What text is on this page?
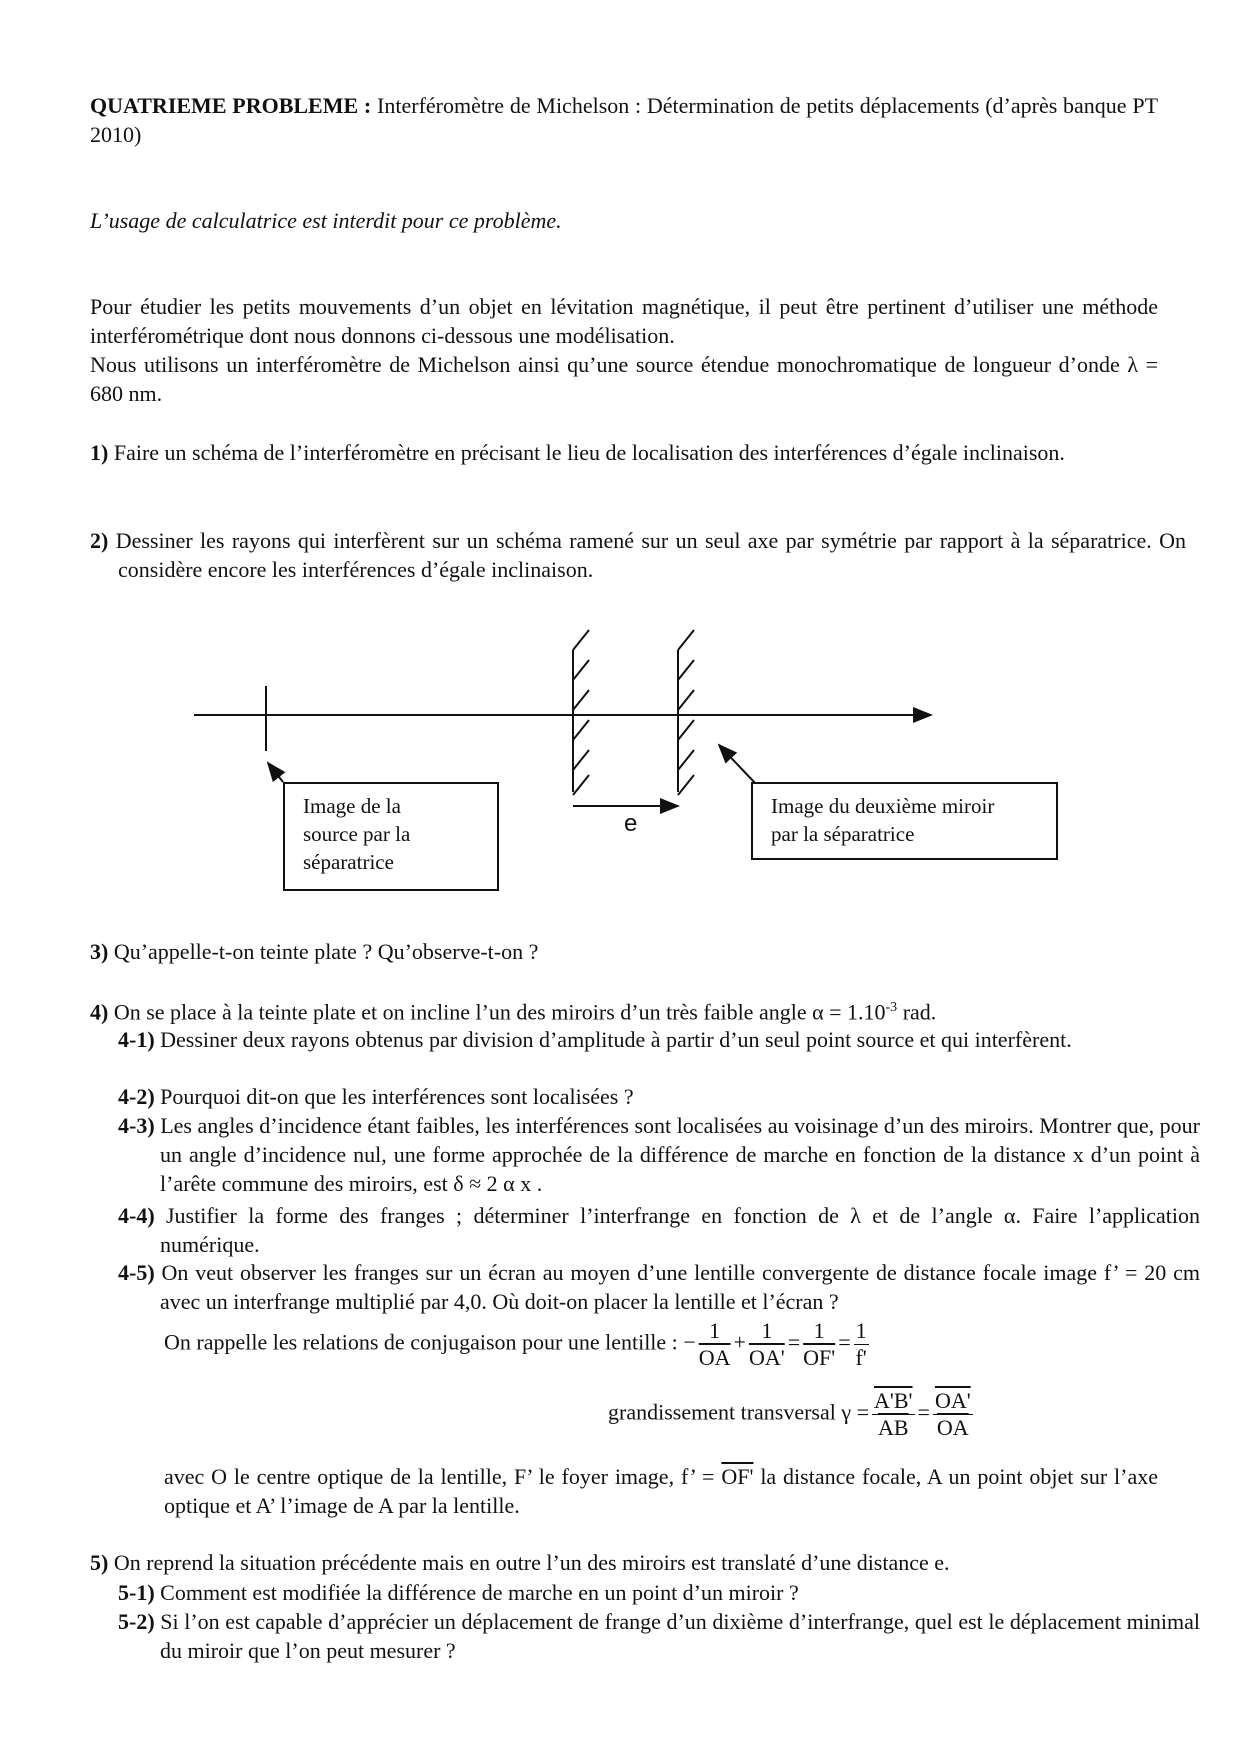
QUATRIEME PROBLEME : Interféromètre de Michelson : Détermination de petits déplacements (d’après banque PT 2010)
L’usage de calculatrice est interdit pour ce problème.
Pour étudier les petits mouvements d’un objet en lévitation magnétique, il peut être pertinent d’utiliser une méthode interférométrique dont nous donnons ci-dessous une modélisation.
Nous utilisons un interféromètre de Michelson ainsi qu’une source étendue monochromatique de longueur d’onde λ = 680 nm.
1) Faire un schéma de l’interféromètre en précisant le lieu de localisation des interférences d’égale inclinaison.
2) Dessiner les rayons qui interfèrent sur un schéma ramené sur un seul axe par symétrie par rapport à la séparatrice. On considère encore les interférences d’égale inclinaison.
e
Image de la
source par la
séparatrice
Image du deuxième miroir
par la séparatrice
3) Qu’appelle-t-on teinte plate ? Qu’observe-t-on ?
4) On se place à la teinte plate et on incline l’un des miroirs d’un très faible angle $\alpha = 1.10^{-3}$ rad.
4-1) Dessiner deux rayons obtenus par division d’amplitude à partir d’un seul point source et qui interfèrent.
4-2) Pourquoi dit-on que les interférences sont localisées ?
4-3) Les angles d’incidence étant faibles, les interférences sont localisées au voisinage d’un des miroirs. Montrer que, pour un angle d’incidence nul, une forme approchée de la différence de marche en fonction de la distance x d’un point à l’arête commune des miroirs, est δ ≈ 2 α x .
4-4) Justifier la forme des franges ; déterminer l’interfrange en fonction de λ et de l’angle α. Faire l’application numérique.
4-5) On veut observer les franges sur un écran au moyen d’une lentille convergente de distance focale image f’ = 20 cm avec un interfrange multiplié par 4,0. Où doit-on placer la lentille et l’écran ?
On rappelle les relations de conjugaison pour une lentille : − $\frac{1}{OA} + \frac{1}{OA'} = \frac{1}{OF'} = \frac{1}{f'}$
grandissement transversal $\gamma = \frac{A'B'}{AB} = \frac{OA'}{OA}$
avec O le centre optique de la lentille, F’ le foyer image, f’ = OF' la distance focale, A un point objet sur l’axe optique et A’ l’image de A par la lentille.
5) On reprend la situation précédente mais en outre l’un des miroirs est translaté d’une distance e.
5-1) Comment est modifiée la différence de marche en un point d’un miroir ?
5-2) Si l’on est capable d’apprécier un déplacement de frange d’un dixième d’interfrange, quel est le déplacement minimal du miroir que l’on peut mesurer ?
